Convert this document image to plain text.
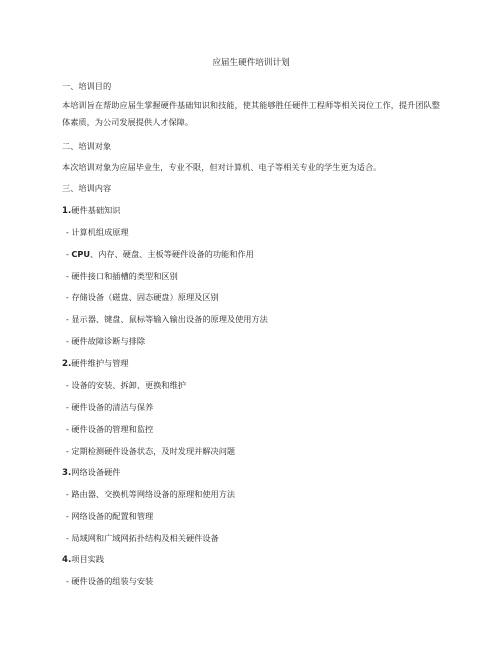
应届生硬件培训计划
一、培训目的
本培训旨在帮助应届生掌握硬件基础知识和技能，使其能够胜任硬件工程师等相关岗位工作，提升团队整体素质，为公司发展提供人才保障。
二、培训对象
本次培训对象为应届毕业生，专业不限，但对计算机、电子等相关专业的学生更为适合。
三、培训内容
1.硬件基础知识
- 计算机组成原理
- CPU、内存、硬盘、主板等硬件设备的功能和作用
- 硬件接口和插槽的类型和区别
- 存储设备（磁盘、固态硬盘）原理及区别
- 显示器、键盘、鼠标等输入输出设备的原理及使用方法
- 硬件故障诊断与排除
2.硬件维护与管理
- 设备的安装、拆卸、更换和维护
- 硬件设备的清洁与保养
- 硬件设备的管理和监控
- 定期检测硬件设备状态，及时发现并解决问题
3.网络设备硬件
- 路由器、交换机等网络设备的原理和使用方法
- 网络设备的配置和管理
- 局域网和广域网拓扑结构及相关硬件设备
4.项目实践
- 硬件设备的组装与安装
